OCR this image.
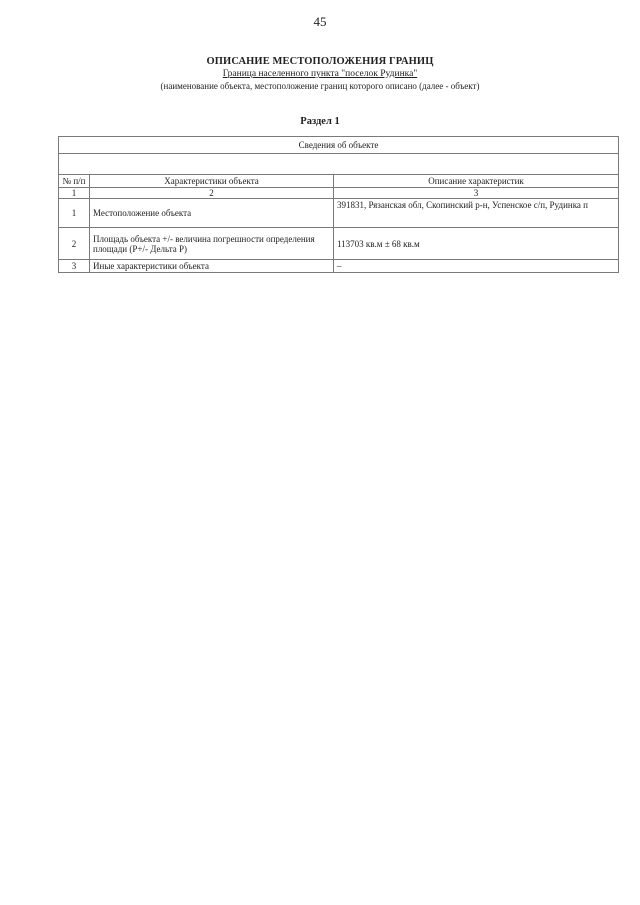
45
ОПИСАНИЕ МЕСТОПОЛОЖЕНИЯ ГРАНИЦ
Граница населенного пункта "поселок Рудинка"
(наименование объекта, местоположение границ которого описано (далее - объект)
Раздел 1
Сведения об объекте		

№ п/п	Характеристики объекта	Описание характеристик
1	2	3
1	Местоположение объекта	391831, Рязанская обл, Скопинский р-н, Успенское с/п, Рудинка п
2	Площадь объекта +/- величина погрешности определения площади (Р+/- Дельта Р)	113703 кв.м ± 68 кв.м
3	Иные характеристики объекта	–
